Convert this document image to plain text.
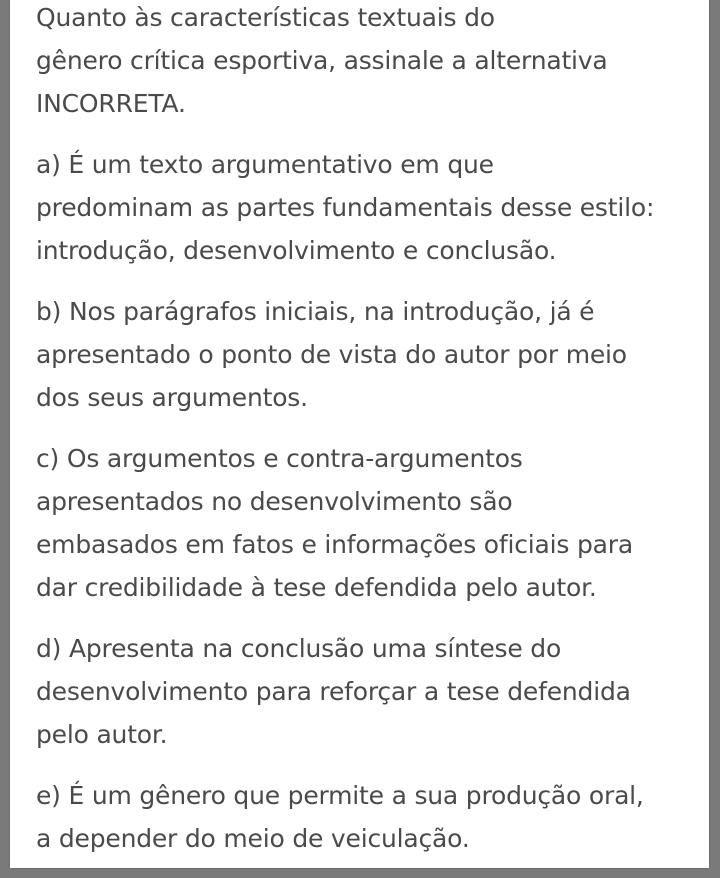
Quanto às características textuais do
gênero crítica esportiva, assinale a alternativa
INCORRETA.

a) É um texto argumentativo em que
predominam as partes fundamentais desse estilo:
introdução, desenvolvimento e conclusão.

b) Nos parágrafos iniciais, na introdução, já é
apresentado o ponto de vista do autor por meio
dos seus argumentos.

c) Os argumentos e contra-argumentos
apresentados no desenvolvimento são
embasados em fatos e informações oficiais para
dar credibilidade à tese defendida pelo autor.

d) Apresenta na conclusão uma síntese do
desenvolvimento para reforçar a tese defendida
pelo autor.

e) É um gênero que permite a sua produção oral,
a depender do meio de veiculação.
